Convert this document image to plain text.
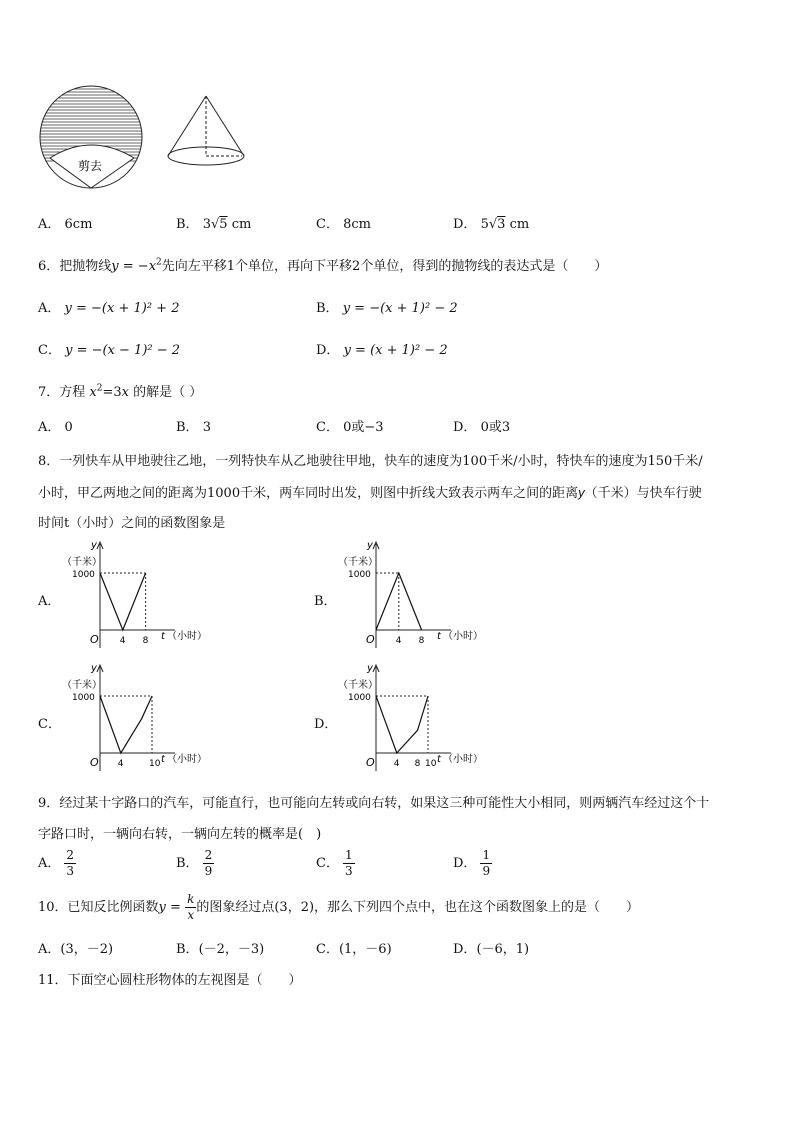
剪去
A． 6cm	B． 3√5 cm	C． 8cm	D． 5√3 cm
6．把抛物线$y = -x^2$先向左平移1个单位，再向下平移2个单位，得到的抛物线的表达式是（　　）
A． y = −(x + 1)² + 2	B． y = −(x + 1)² − 2
C． y = −(x − 1)² − 2	D． y = (x + 1)² − 2
7．方程 $x^2=3x$ 的解是（ ）
A． 0	B． 3	C． 0或−3	D． 0或3
8．一列快车从甲地驶往乙地，一列特快车从乙地驶往甲地，快车的速度为100千米/小时，特快车的速度为150千米/
小时，甲乙两地之间的距离为1000千米，两车同时出发，则图中折线大致表示两车之间的距离y（千米）与快车行驶
时间t（小时）之间的函数图象是
A．	B．
C．	D．
y
（千米）
1000
O	t （小时）
4 8
y
（千米）
1000
O	t （小时）
4 8
y
（千米）
1000
O	t （小时）
4	10
y
（千米）
1000
O	t （小时）
4 8 10
9．经过某十字路口的汽车，可能直行，也可能向左转或向右转，如果这三种可能性大小相同，则两辆汽车经过这个十
字路口时，一辆向右转，一辆向左转的概率是(　)
A． $\frac{2}{3}$	B． $\frac{2}{9}$	C． $\frac{1}{3}$	D． $\frac{1}{9}$
10．已知反比例函数$y = \frac{k}{x}$ 的图象经过点(3，2)，那么下列四个点中，也在这个函数图象上的是（　　）
A．(3，－2)	B．(－2，－3)	C．(1，－6)	D．(－6，1)
11．下面空心圆柱形物体的左视图是（　　）
